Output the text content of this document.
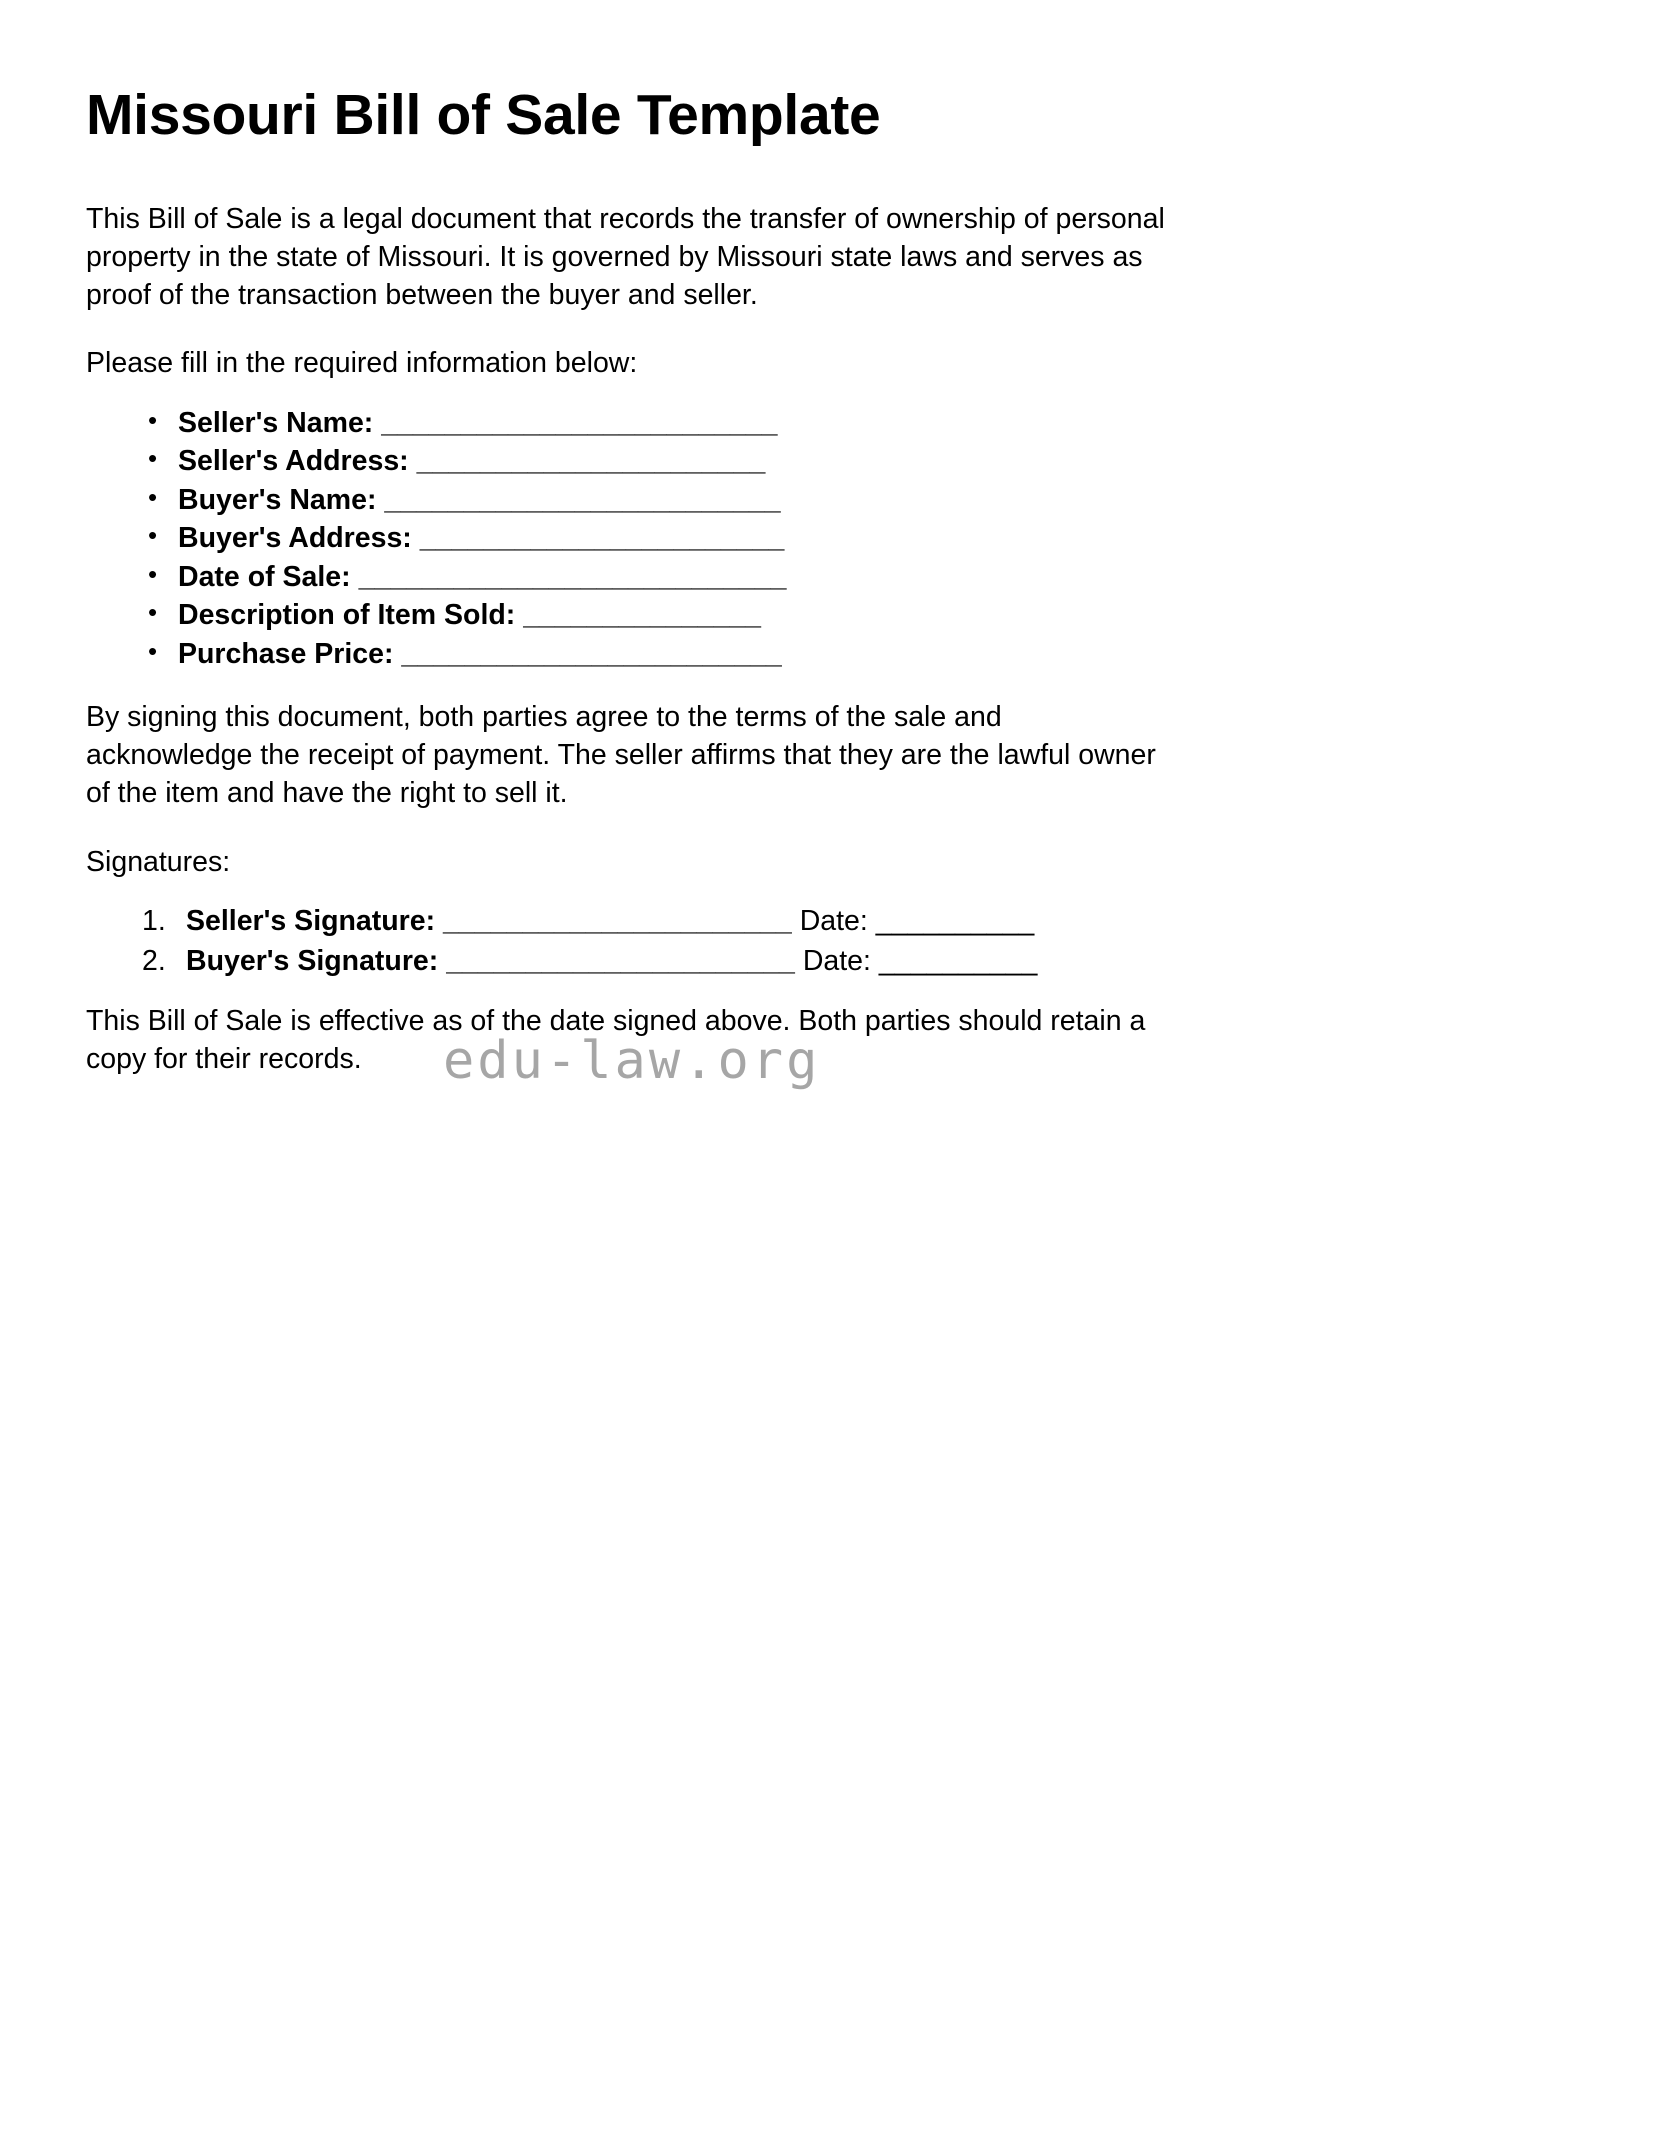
edu-law.org
Missouri Bill of Sale Template

This Bill of Sale is a legal document that records the transfer of ownership of personal property in the state of Missouri. It is governed by Missouri state laws and serves as proof of the transaction between the buyer and seller.

Please fill in the required information below:

• Seller's Name: _________________________
• Seller's Address: ______________________
• Buyer's Name: _________________________
• Buyer's Address: _______________________
• Date of Sale: ___________________________
• Description of Item Sold: _______________
• Purchase Price: ________________________

By signing this document, both parties agree to the terms of the sale and acknowledge the receipt of payment. The seller affirms that they are the lawful owner of the item and have the right to sell it.

Signatures:

Seller's Signature: ______________________ Date: __________
Buyer's Signature: ______________________ Date: __________

This Bill of Sale is effective as of the date signed above. Both parties should retain a copy for their records.
